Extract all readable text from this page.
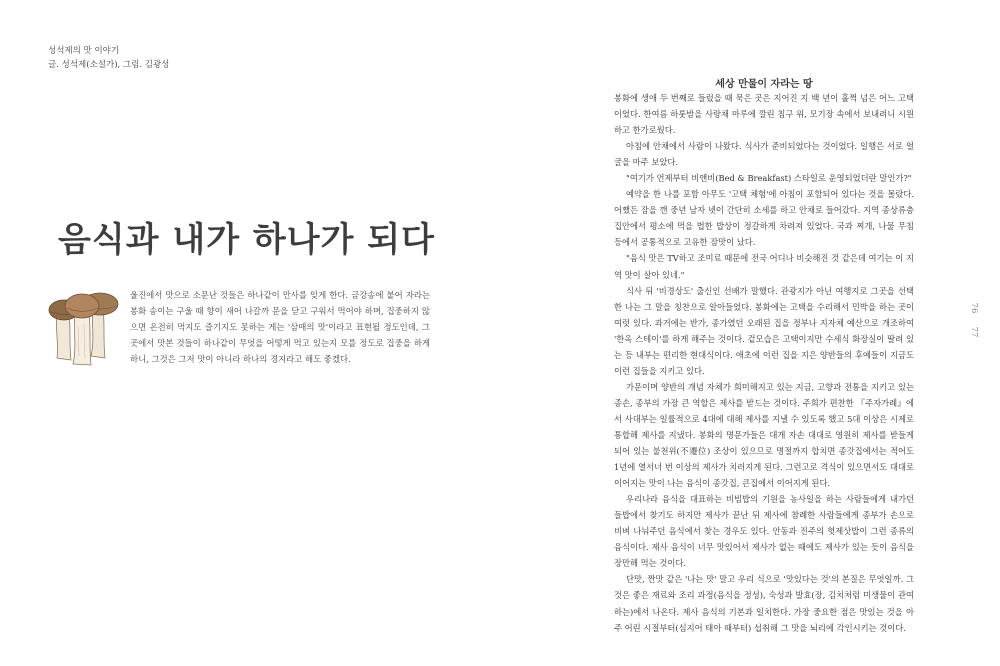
성석제의 맛 이야기
글. 성석제(소설가), 그림. 김광성
음식과 내가 하나가 되다
울진에서 맛으로 소문난 것들은 하나같이 만사를 잊게 한다. 금강송에 붙어 자라는 봉화 송이는 구울 때 향이 새어 나갈까 문을 닫고 구워서 먹어야 하며, 집중하지 않으면 온전히 먹지도 즐기지도 못하는 게는 '삼매의 맛'이라고 표현될 정도인데, 그곳에서 맛본 것들이 하나같이 무엇을 어떻게 먹고 있는지 모를 정도로 집중을 하게 하니, 그것은 그저 맛이 아니라 하나의 경지라고 해도 좋겠다.
76
77
세상 만물이 자라는 땅

봉화에 생애 두 번째로 들렀을 때 묵은 곳은 지어진 지 백 년이 훌쩍 넘은 어느 고택이었다. 한여름 하룻밤을 사랑채 마루에 깔린 침구 위, 모기장 속에서 보내려니 시원하고 한가로웠다.

아침에 안채에서 사람이 나왔다. 식사가 준비되었다는 것이었다. 일행은 서로 얼굴을 마주 보았다.

"여기가 언제부터 비앤비(Bed & Breakfast) 스타일로 운영되었더란 말인가?"

예약을 한 나를 포함 아무도 '고택 체험'에 아침이 포함되어 있다는 것을 몰랐다. 어쨌든 잠을 깬 중년 남자 넷이 간단히 소세를 하고 안채로 들어갔다. 지역 종상류층 집안에서 평소에 먹을 법한 밥상이 정갈하게 차려져 있었다. 국과 찌개, 나물 무침 등에서 공통적으로 고유한 잠맛이 났다.

"음식 맛은 TV하고 조미료 때문에 전국 어디나 비슷해진 것 같은데 여기는 이 지역 맛이 살아 있네."

식사 뒤 '비경상도' 출신인 선배가 말했다. 관광지가 아닌 여행지로 그곳을 선택한 나는 그 말을 칭찬으로 알아들었다. 봉화에는 고택을 수리해서 민박을 하는 곳이 여럿 있다. 과거에는 반가, 종가였던 오래된 집을 정부나 지자체 예산으로 개조하여 '한옥 스테이'를 하게 해주는 것이다. 겉모습은 고택이지만 수세식 화장실이 딸려 있는 등 내부는 편리한 현대식이다. 애초에 이런 집을 지은 양반들의 후예들이 지금도 이런 집들을 지키고 있다.

가문이며 양반의 개념 자체가 희미해지고 있는 지금, 고향과 전통을 지키고 있는 종손, 종부의 가장 큰 역할은 제사를 받드는 것이다. 주희가 편찬한 『주자가례』에서 사대부는 일률적으로 4대에 대해 제사를 지낼 수 있도록 했고 5대 이상은 시제로 통합해 제사를 지냈다. 봉화의 명문가들은 대개 자손 대대로 영원히 제사를 받들게 되어 있는 불천위(不遷位) 조상이 있으므로 명절까지 합치면 종갓집에서는 적어도 1년에 열서너 번 이상의 제사가 치러지게 된다. 그런고로 격식이 있으면서도 대대로 이어지는 맛이 나는 음식이 종갓집, 큰집에서 이어지게 된다.

우리나라 음식을 대표하는 비빔밥의 기원을 농사일을 하는 사람들에게 내가던 들밥에서 찾기도 하지만 제사가 끝난 뒤 제사에 참례한 사람들에게 종부가 손으로 비벼 나눠주던 음식에서 찾는 경우도 있다. 안동과 진주의 헛제삿밥이 그런 종류의 음식이다. 제사 음식이 너무 맛있어서 제사가 없는 때에도 제사가 있는 듯이 음식을 장만해 먹는 것이다.

단맛, 짠맛 같은 '나는 맛' 말고 우리 식으로 '맛있다는 것'의 본질은 무엇일까. 그것은 좋은 재료와 조리 과정(음식을 정성), 숙성과 발효(장, 김치처럼 미생물이 관여하는)에서 나온다. 제사 음식의 기본과 일치한다. 가장 중요한 점은 맛있는 것을 아주 어린 시절부터(심지어 태아 때부터) 섭취해 그 맛을 뇌리에 각인시키는 것이다.
